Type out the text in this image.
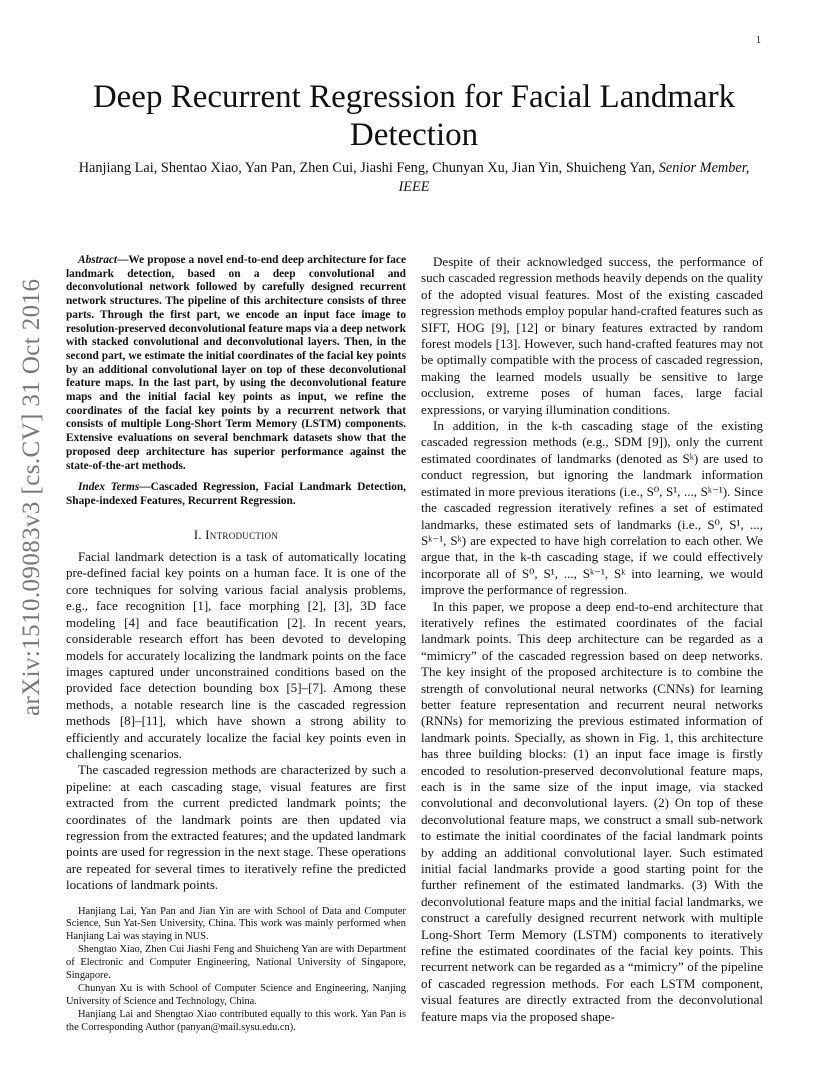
1
arXiv:1510.09083v3 [cs.CV] 31 Oct 2016
Deep Recurrent Regression for Facial Landmark Detection
Hanjiang Lai, Shentao Xiao, Yan Pan, Zhen Cui, Jiashi Feng, Chunyan Xu, Jian Yin, Shuicheng Yan, Senior Member, IEEE

Abstract—We propose a novel end-to-end deep architecture for face landmark detection, based on a deep convolutional and deconvolutional network followed by carefully designed recurrent network structures. The pipeline of this architecture consists of three parts. Through the first part, we encode an input face image to resolution-preserved deconvolutional feature maps via a deep network with stacked convolutional and deconvolutional layers. Then, in the second part, we estimate the initial coordinates of the facial key points by an additional convolutional layer on top of these deconvolutional feature maps. In the last part, by using the deconvolutional feature maps and the initial facial key points as input, we refine the coordinates of the facial key points by a recurrent network that consists of multiple Long-Short Term Memory (LSTM) components. Extensive evaluations on several benchmark datasets show that the proposed deep architecture has superior performance against the state-of-the-art methods.

Index Terms—Cascaded Regression, Facial Landmark Detection, Shape-indexed Features, Recurrent Regression.

I. Introduction

Facial landmark detection is a task of automatically locating pre-defined facial key points on a human face. It is one of the core techniques for solving various facial analysis problems, e.g., face recognition [1], face morphing [2], [3], 3D face modeling [4] and face beautification [2]. In recent years, considerable research effort has been devoted to developing models for accurately localizing the landmark points on the face images captured under unconstrained conditions based on the provided face detection bounding box [5]–[7]. Among these methods, a notable research line is the cascaded regression methods [8]–[11], which have shown a strong ability to efficiently and accurately localize the facial key points even in challenging scenarios.

The cascaded regression methods are characterized by such a pipeline: at each cascading stage, visual features are first extracted from the current predicted landmark points; the coordinates of the landmark points are then updated via regression from the extracted features; and the updated landmark points are used for regression in the next stage. These operations are repeated for several times to iteratively refine the predicted locations of landmark points.

Hanjiang Lai, Yan Pan and Jian Yin are with School of Data and Computer Science, Sun Yat-Sen University, China. This work was mainly performed when Hanjiang Lai was staying in NUS.

Shengtao Xiao, Zhen Cui Jiashi Feng and Shuicheng Yan are with Department of Electronic and Computer Engineering, National University of Singapore, Singapore.

Chunyan Xu is with School of Computer Science and Engineering, Nanjing University of Science and Technology, China.

Hanjiang Lai and Shengtao Xiao contributed equally to this work. Yan Pan is the Corresponding Author (panyan@mail.sysu.edu.cn).

Despite of their acknowledged success, the performance of such cascaded regression methods heavily depends on the quality of the adopted visual features. Most of the existing cascaded regression methods employ popular hand-crafted features such as SIFT, HOG [9], [12] or binary features extracted by random forest models [13]. However, such hand-crafted features may not be optimally compatible with the process of cascaded regression, making the learned models usually be sensitive to large occlusion, extreme poses of human faces, large facial expressions, or varying illumination conditions.

In addition, in the k-th cascading stage of the existing cascaded regression methods (e.g., SDM [9]), only the current estimated coordinates of landmarks (denoted as Sᵏ) are used to conduct regression, but ignoring the landmark information estimated in more previous iterations (i.e., S⁰, S¹, ..., Sᵏ⁻¹). Since the cascaded regression iteratively refines a set of estimated landmarks, these estimated sets of landmarks (i.e., S⁰, S¹, ..., Sᵏ⁻¹, Sᵏ) are expected to have high correlation to each other. We argue that, in the k-th cascading stage, if we could effectively incorporate all of S⁰, S¹, ..., Sᵏ⁻¹, Sᵏ into learning, we would improve the performance of regression.

In this paper, we propose a deep end-to-end architecture that iteratively refines the estimated coordinates of the facial landmark points. This deep architecture can be regarded as a “mimicry” of the cascaded regression based on deep networks. The key insight of the proposed architecture is to combine the strength of convolutional neural networks (CNNs) for learning better feature representation and recurrent neural networks (RNNs) for memorizing the previous estimated information of landmark points. Specially, as shown in Fig. 1, this architecture has three building blocks: (1) an input face image is firstly encoded to resolution-preserved deconvolutional feature maps, each is in the same size of the input image, via stacked convolutional and deconvolutional layers. (2) On top of these deconvolutional feature maps, we construct a small sub-network to estimate the initial coordinates of the facial landmark points by adding an additional convolutional layer. Such estimated initial facial landmarks provide a good starting point for the further refinement of the estimated landmarks. (3) With the deconvolutional feature maps and the initial facial landmarks, we construct a carefully designed recurrent network with multiple Long-Short Term Memory (LSTM) components to iteratively refine the estimated coordinates of the facial key points. This recurrent network can be regarded as a “mimicry” of the pipeline of cascaded regression methods. For each LSTM component, visual features are directly extracted from the deconvolutional feature maps via the proposed shape-
